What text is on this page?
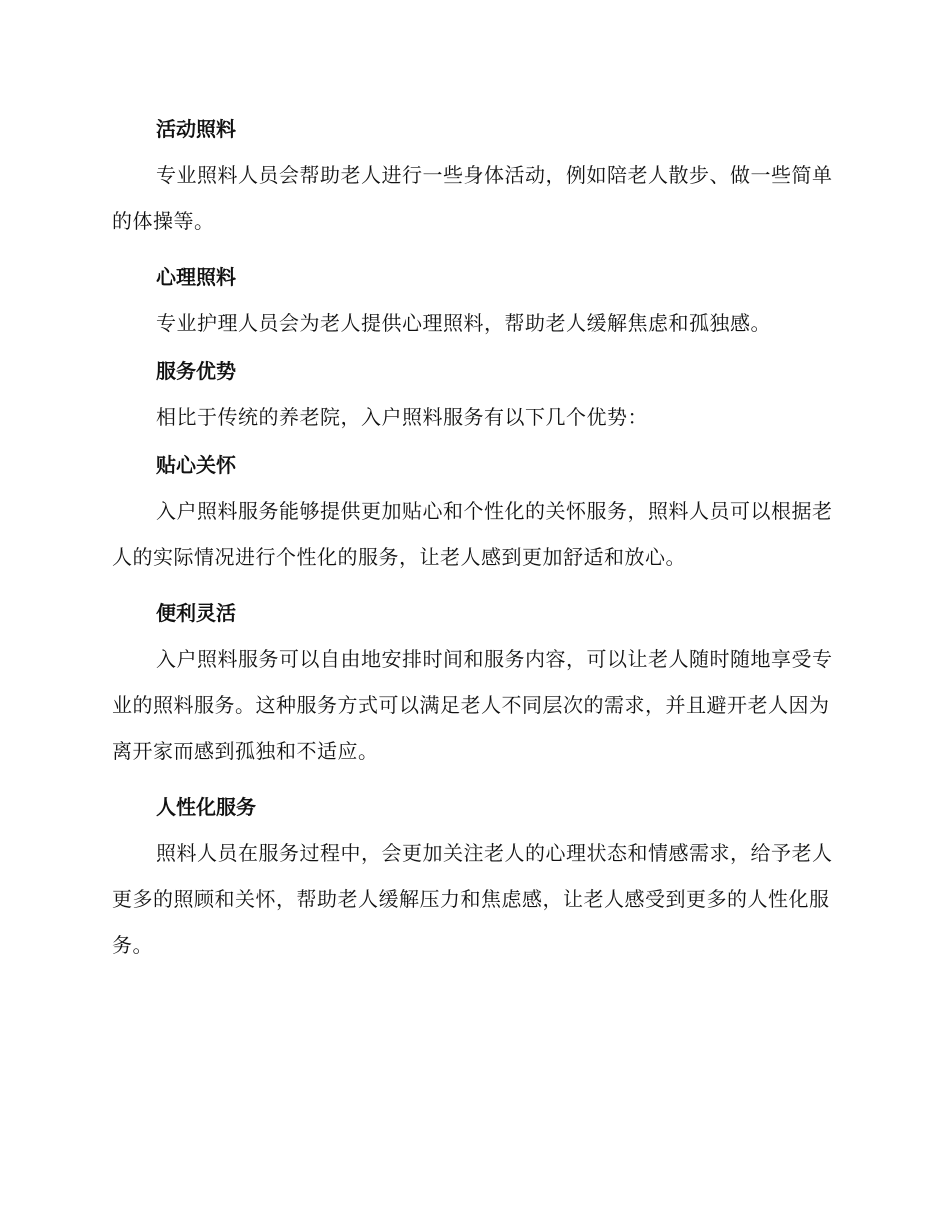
活动照料
专业照料人员会帮助老人进行一些身体活动，例如陪老人散步、做一些简单的体操等。
心理照料
专业护理人员会为老人提供心理照料，帮助老人缓解焦虑和孤独感。
服务优势
相比于传统的养老院，入户照料服务有以下几个优势：
贴心关怀
入户照料服务能够提供更加贴心和个性化的关怀服务，照料人员可以根据老人的实际情况进行个性化的服务，让老人感到更加舒适和放心。
便利灵活
入户照料服务可以自由地安排时间和服务内容，可以让老人随时随地享受专业的照料服务。这种服务方式可以满足老人不同层次的需求，并且避开老人因为离开家而感到孤独和不适应。
人性化服务
照料人员在服务过程中，会更加关注老人的心理状态和情感需求，给予老人更多的照顾和关怀，帮助老人缓解压力和焦虑感，让老人感受到更多的人性化服务。
